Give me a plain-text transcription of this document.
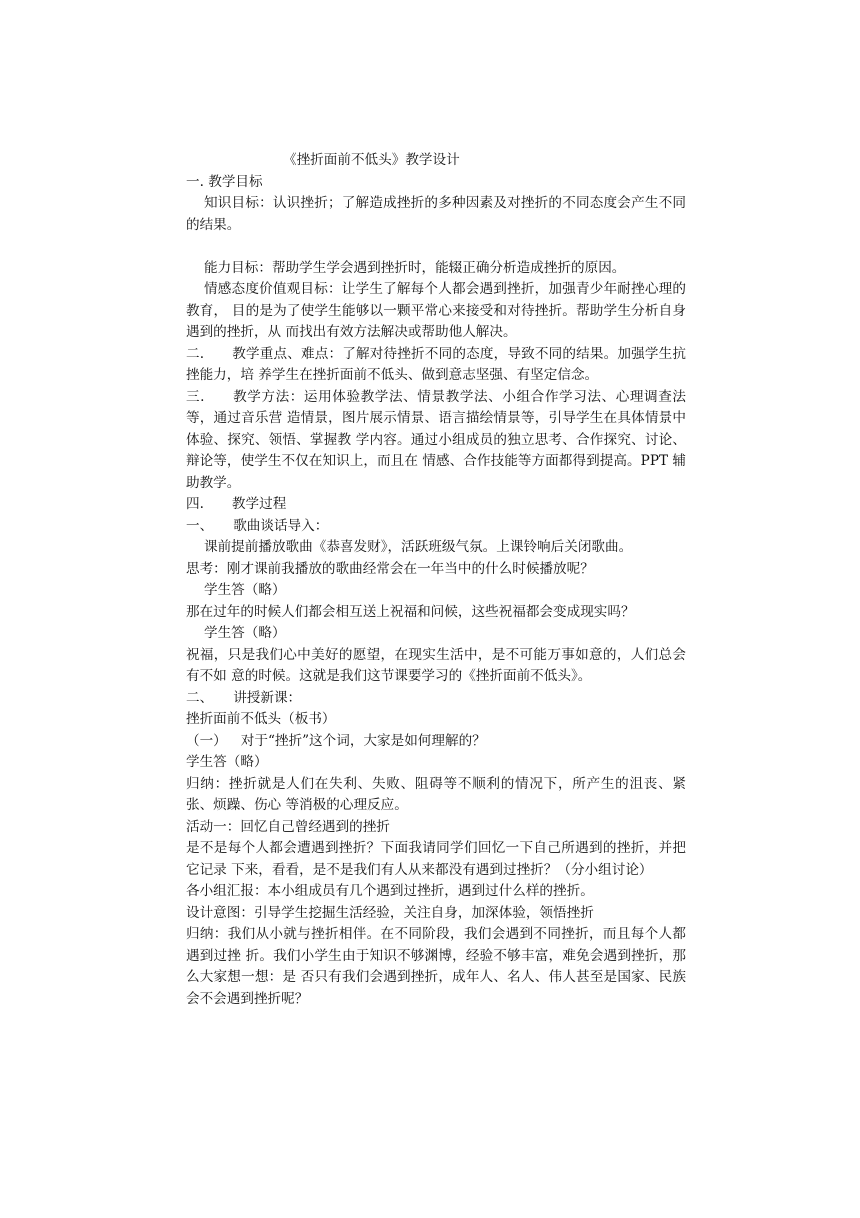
《挫折面前不低头》教学设计

一. 教学目标

知识目标：认识挫折；了解造成挫折的多种因素及对挫折的不同态度会产生不同的结果。

能力目标：帮助学生学会遇到挫折时，能辍正确分析造成挫折的原因。

情感态度价值观目标：让学生了解每个人都会遇到挫折，加强青少年耐挫心理的教育， 目的是为了使学生能够以一颗平常心来接受和对待挫折。帮助学生分析自身遇到的挫折，从 而找出有效方法解决或帮助他人解决。

二. 教学重点、难点：了解对待挫折不同的态度，导致不同的结果。加强学生抗挫能力，培 养学生在挫折面前不低头、做到意志坚强、有坚定信念。

三. 教学方法：运用体验教学法、情景教学法、小组合作学习法、心理调查法等，通过音乐营 造情景，图片展示情景、语言描绘情景等，引导学生在具体情景中体验、探究、领悟、掌握教 学内容。通过小组成员的独立思考、合作探究、讨论、辩论等，使学生不仅在知识上，而且在 情感、合作技能等方面都得到提高。PPT 辅助教学。

四. 教学过程

一、 歌曲谈话导入：

课前提前播放歌曲《恭喜发财》，活跃班级气氛。上课铃响后关闭歌曲。

思考：刚才课前我播放的歌曲经常会在一年当中的什么时候播放呢？

学生答（略）

那在过年的时候人们都会相互送上祝福和问候，这些祝福都会变成现实吗？

学生答（略）

祝福，只是我们心中美好的愿望，在现实生活中，是不可能万事如意的，人们总会有不如 意的时候。这就是我们这节课要学习的《挫折面前不低头》。

二、 讲授新课：

挫折面前不低头（板书）

（一） 对于“挫折”这个词，大家是如何理解的？

学生答（略）

归纳：挫折就是人们在失利、失败、阻碍等不顺利的情况下，所产生的沮丧、紧张、烦躁、伤心 等消极的心理反应。

活动一：回忆自己曾经遇到的挫折

是不是每个人都会遭遇到挫折？下面我请同学们回忆一下自己所遇到的挫折，并把它记录 下来，看看，是不是我们有人从来都没有遇到过挫折？（分小组讨论）

各小组汇报：本小组成员有几个遇到过挫折，遇到过什么样的挫折。

设计意图：引导学生挖掘生活经验，关注自身，加深体验，领悟挫折

归纳：我们从小就与挫折相伴。在不同阶段，我们会遇到不同挫折，而且每个人都遇到过挫 折。我们小学生由于知识不够渊博，经验不够丰富，难免会遇到挫折，那么大家想一想：是 否只有我们会遇到挫折，成年人、名人、伟人甚至是国家、民族会不会遇到挫折呢？
